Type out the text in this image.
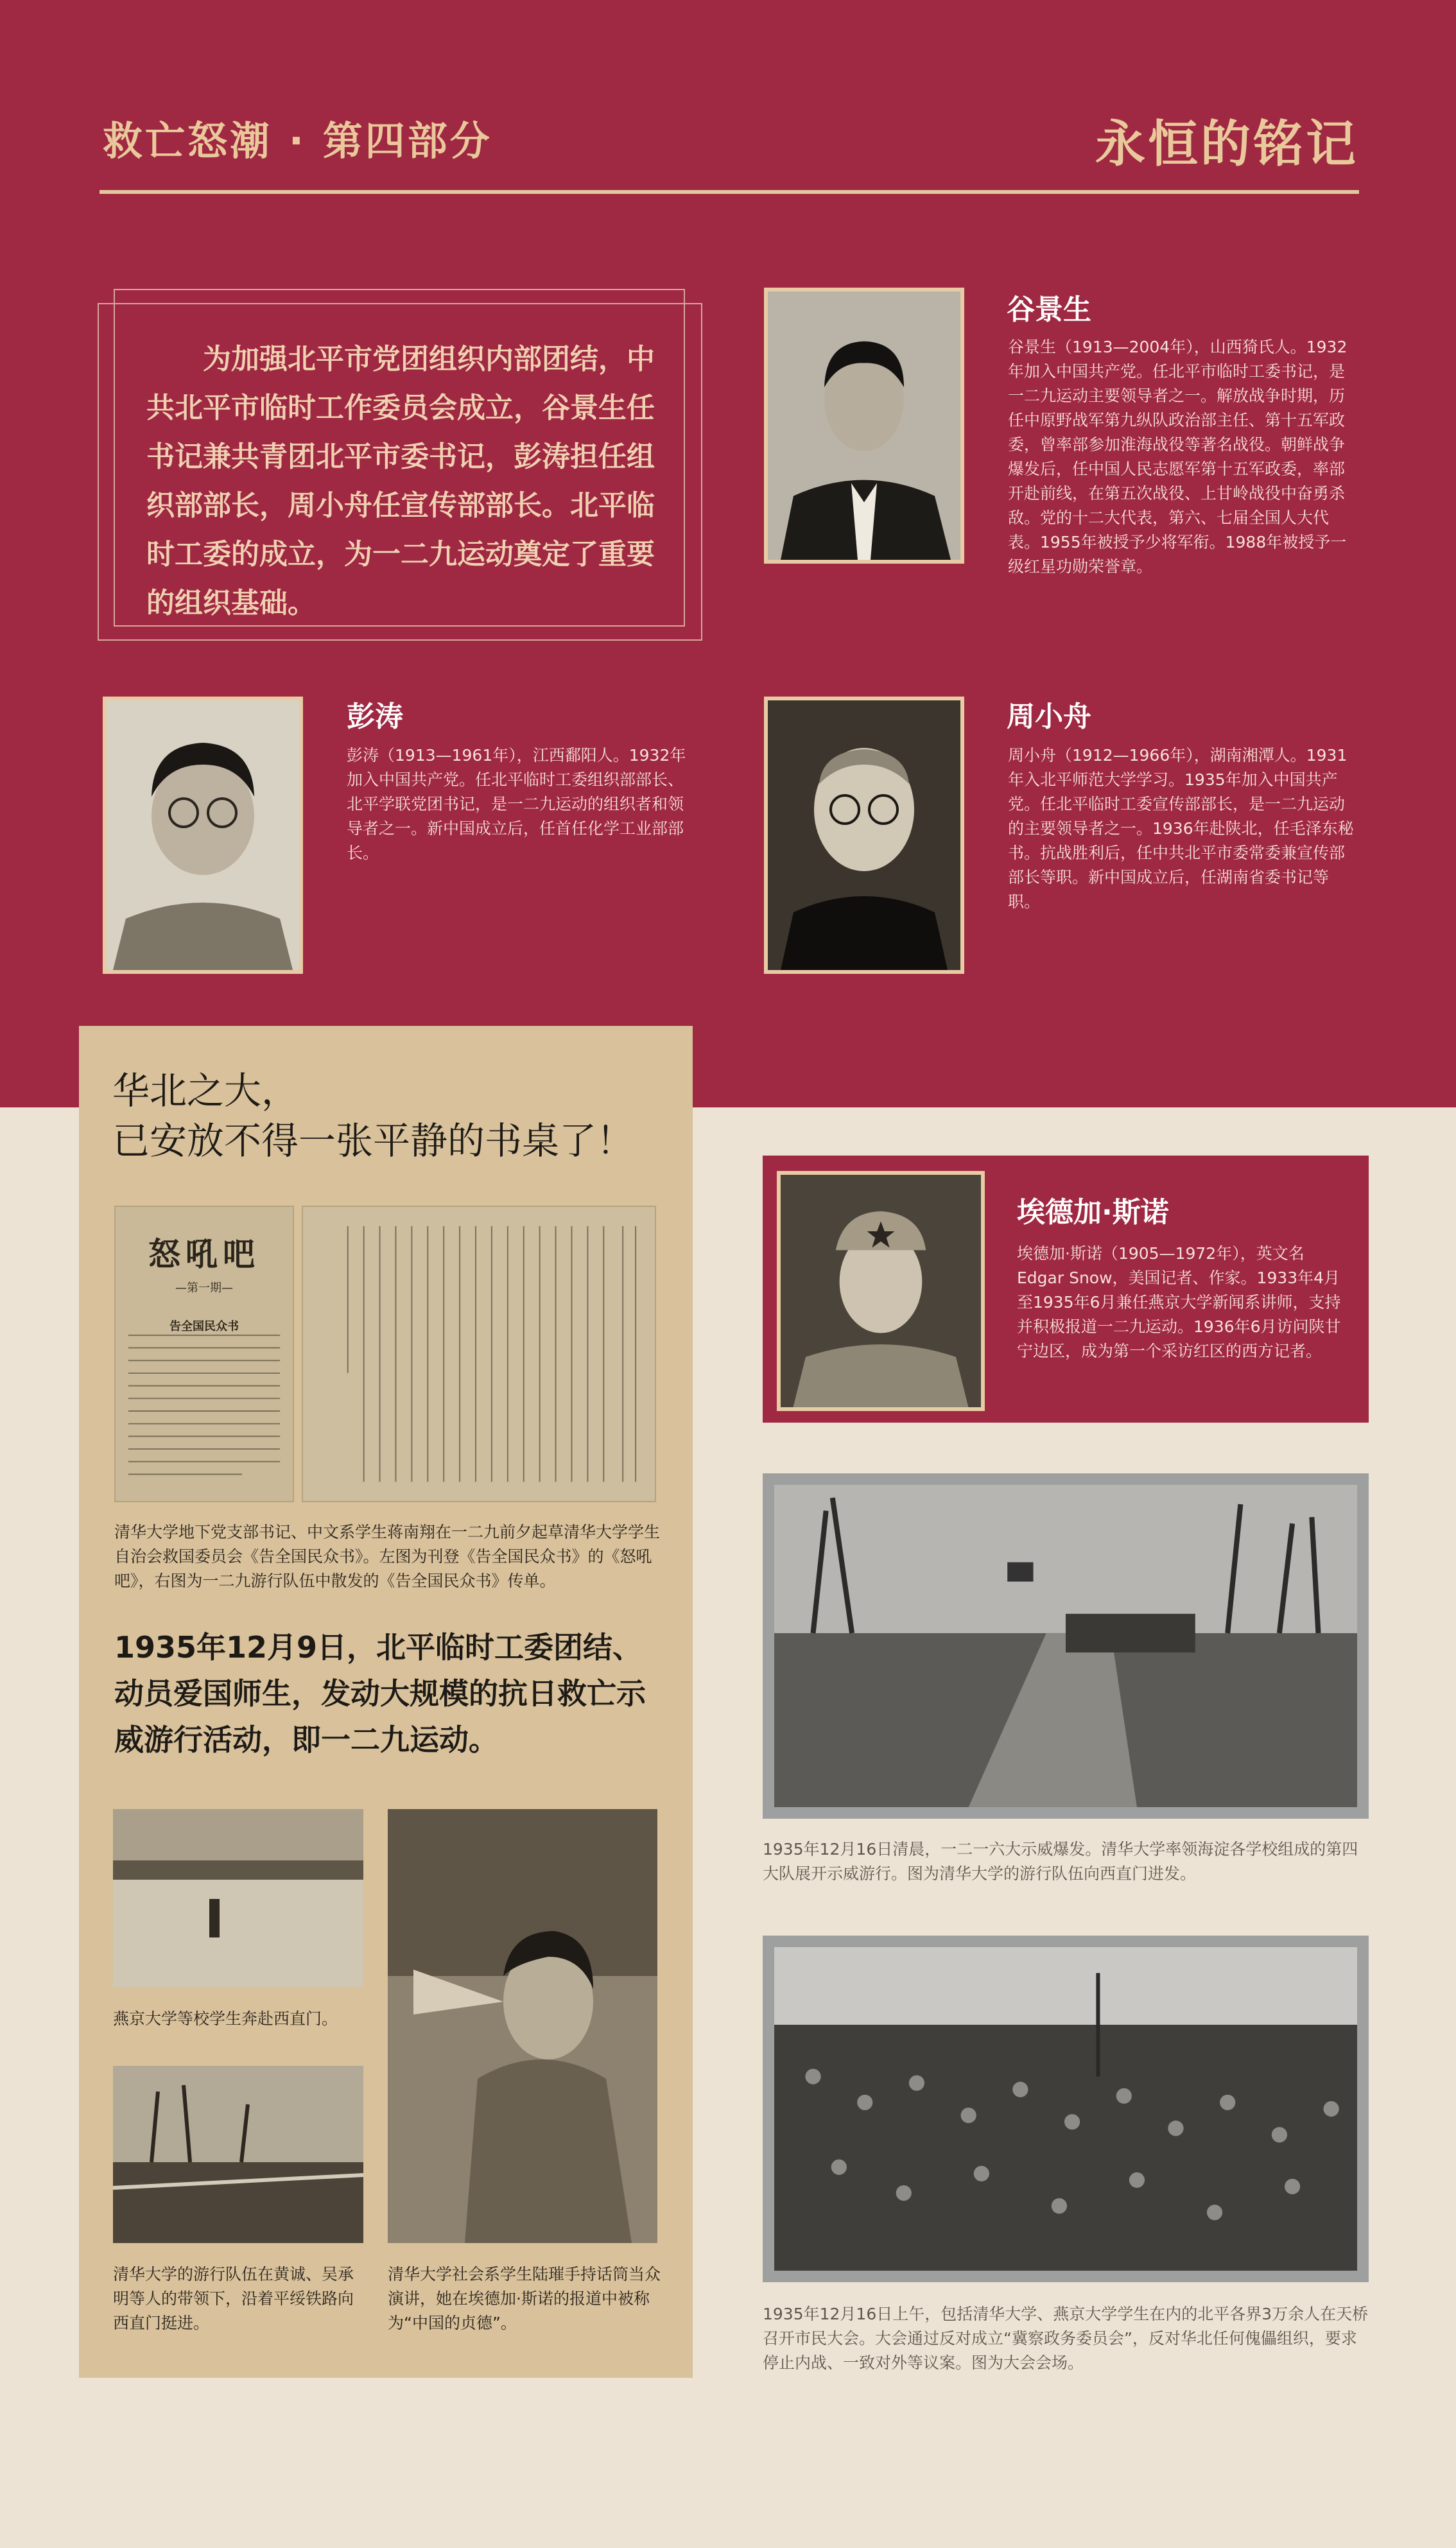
救亡怒潮 · 第四部分	永恒的铭记
为加强北平市党团组织内部团结，中共北平市临时工作委员会成立，谷景生任书记兼共青团北平市委书记，彭涛担任组织部部长，周小舟任宣传部部长。北平临时工委的成立，为一二九运动奠定了重要的组织基础。
谷景生
谷景生（1913—2004年），山西猗氏人。1932年加入中国共产党。任北平市临时工委书记，是一二九运动主要领导者之一。解放战争时期，历任中原野战军第九纵队政治部主任、第十五军政委，曾率部参加淮海战役等著名战役。朝鲜战争爆发后，任中国人民志愿军第十五军政委，率部开赴前线，在第五次战役、上甘岭战役中奋勇杀敌。党的十二大代表，第六、七届全国人大代表。1955年被授予少将军衔。1988年被授予一级红星功勋荣誉章。
彭涛
彭涛（1913—1961年），江西鄱阳人。1932年加入中国共产党。任北平临时工委组织部部长、北平学联党团书记，是一二九运动的组织者和领导者之一。新中国成立后，任首任化学工业部部长。
周小舟
周小舟（1912—1966年），湖南湘潭人。1931年入北平师范大学学习。1935年加入中国共产党。任北平临时工委宣传部部长，是一二九运动的主要领导者之一。1936年赴陕北，任毛泽东秘书。抗战胜利后，任中共北平市委常委兼宣传部部长等职。新中国成立后，任湖南省委书记等职。
华北之大，
已安放不得一张平静的书桌了！
怒吼吧
—第一期—
告全国民众书
清华大学地下党支部书记、中文系学生蒋南翔在一二九前夕起草清华大学学生自治会救国委员会《告全国民众书》。左图为刊登《告全国民众书》的《怒吼吧》，右图为一二九游行队伍中散发的《告全国民众书》传单。
1935年12月9日，北平临时工委团结、动员爱国师生，发动大规模的抗日救亡示威游行活动，即一二九运动。
燕京大学等校学生奔赴西直门。
清华大学的游行队伍在黄诚、吴承明等人的带领下，沿着平绥铁路向西直门挺进。
清华大学社会系学生陆璀手持话筒当众演讲，她在埃德加·斯诺的报道中被称为“中国的贞德”。
埃德加·斯诺
埃德加·斯诺（1905—1972年），英文名Edgar Snow，美国记者、作家。1933年4月至1935年6月兼任燕京大学新闻系讲师，支持并积极报道一二九运动。1936年6月访问陕甘宁边区，成为第一个采访红区的西方记者。
1935年12月16日清晨，一二一六大示威爆发。清华大学率领海淀各学校组成的第四大队展开示威游行。图为清华大学的游行队伍向西直门进发。
1935年12月16日上午，包括清华大学、燕京大学学生在内的北平各界3万余人在天桥召开市民大会。大会通过反对成立“冀察政务委员会”，反对华北任何傀儡组织，要求停止内战、一致对外等议案。图为大会会场。
